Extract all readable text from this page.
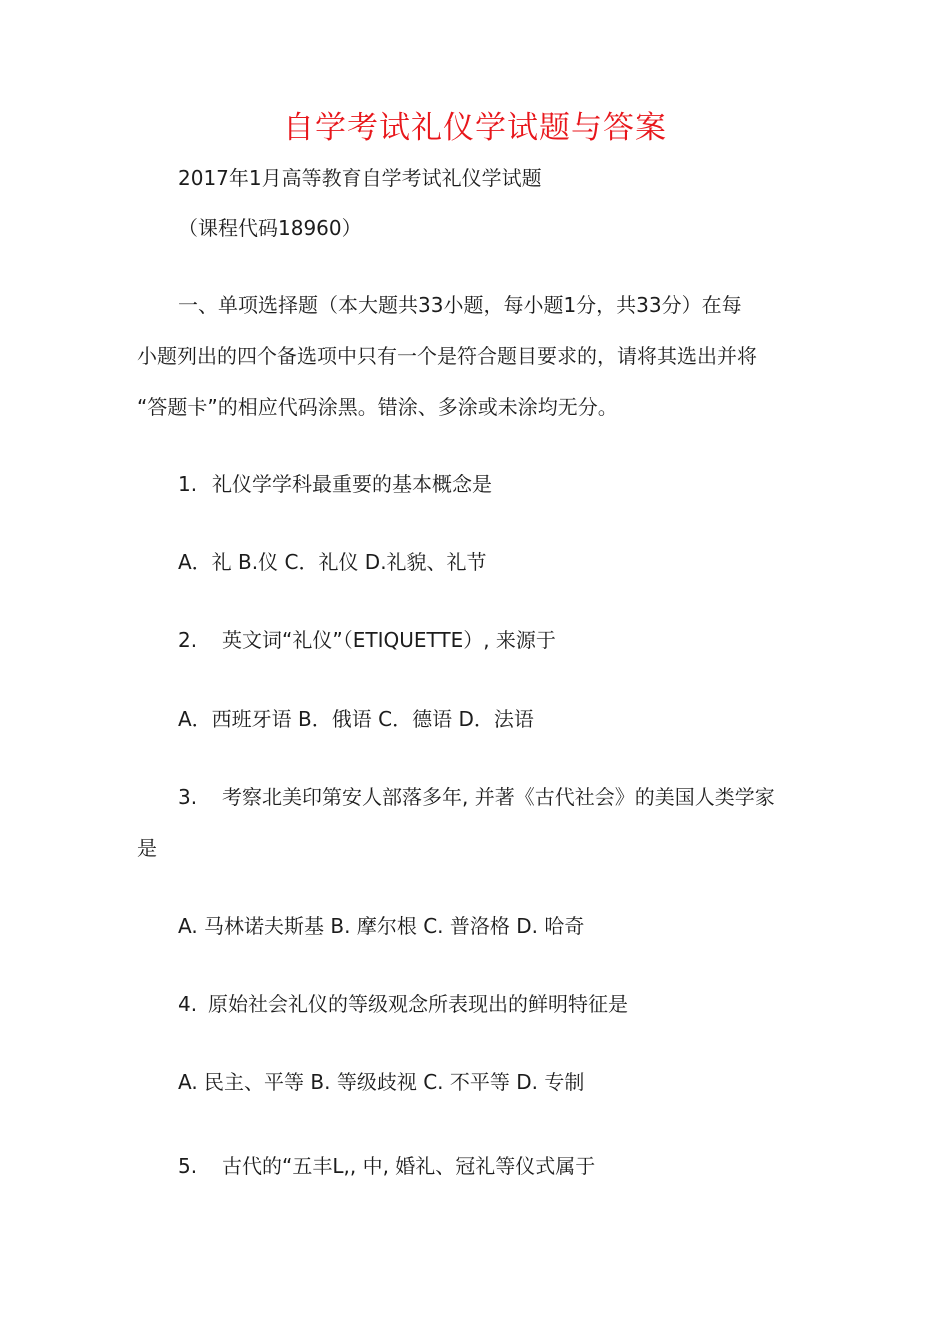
自学考试礼仪学试题与答案
2017年1月高等教育自学考试礼仪学试题
（课程代码18960）
一、单项选择题（本大题共33小题，每小题1分，共33分）在每
小题列出的四个备选项中只有一个是符合题目要求的，请将其选出并将
“答题卡”的相应代码涂黑。错涂、多涂或未涂均无分。
1. 礼仪学学科最重要的基本概念是
A．礼 B.仪 C．礼仪 D.礼貌、礼节
2. 英文词“礼仪”（ETIQUETTE）, 来源于
A．西班牙语 B．俄语 C．德语 D．法语
3. 考察北美印第安人部落多年, 并著《古代社会》的美国人类学家
是
A. 马林诺夫斯基 B. 摩尔根 C. 普洛格 D. 哈奇
4. 原始社会礼仪的等级观念所表现出的鲜明特征是
A. 民主、平等 B. 等级歧视 C. 不平等 D. 专制
5. 古代的“五丰L,, 中, 婚礼、冠礼等仪式属于
